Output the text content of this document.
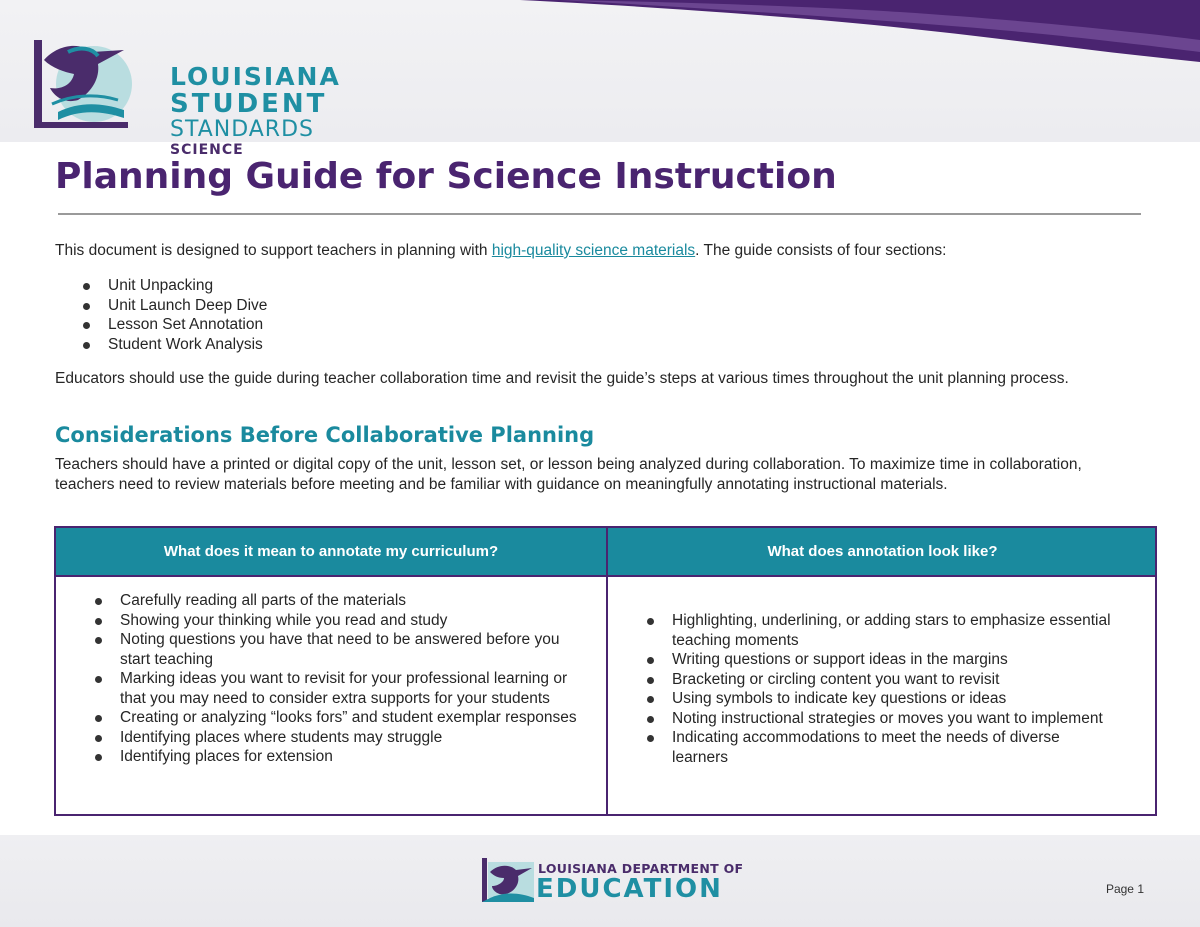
LOUISIANA
STUDENT
STANDARDS
SCIENCE
Planning Guide for Science Instruction

This document is designed to support teachers in planning with high-quality science materials. The guide consists of four sections:

Unit Unpacking
Unit Launch Deep Dive
Lesson Set Annotation
Student Work Analysis

Educators should use the guide during teacher collaboration time and revisit the guide’s steps at various times throughout the unit planning process.

Considerations Before Collaborative Planning

Teachers should have a printed or digital copy of the unit, lesson set, or lesson being analyzed during collaboration. To maximize time in collaboration, teachers need to review materials before meeting and be familiar with guidance on meaningfully annotating instructional materials.

What does it mean to annotate my curriculum?	What does annotation look like?
Carefully reading all parts of the materials
Showing your thinking while you read and study
Noting questions you have that need to be answered before you start teaching
Marking ideas you want to revisit for your professional learning or that you may need to consider extra supports for your students
Creating or analyzing “looks fors” and student exemplar responses
Identifying places where students may struggle
Identifying places for extension
Highlighting, underlining, or adding stars to emphasize essential teaching moments
Writing questions or support ideas in the margins
Bracketing or circling content you want to revisit
Using symbols to indicate key questions or ideas
Noting instructional strategies or moves you want to implement
Indicating accommodations to meet the needs of diverse learners
LOUISIANA DEPARTMENT OF
EDUCATION	Page 1
